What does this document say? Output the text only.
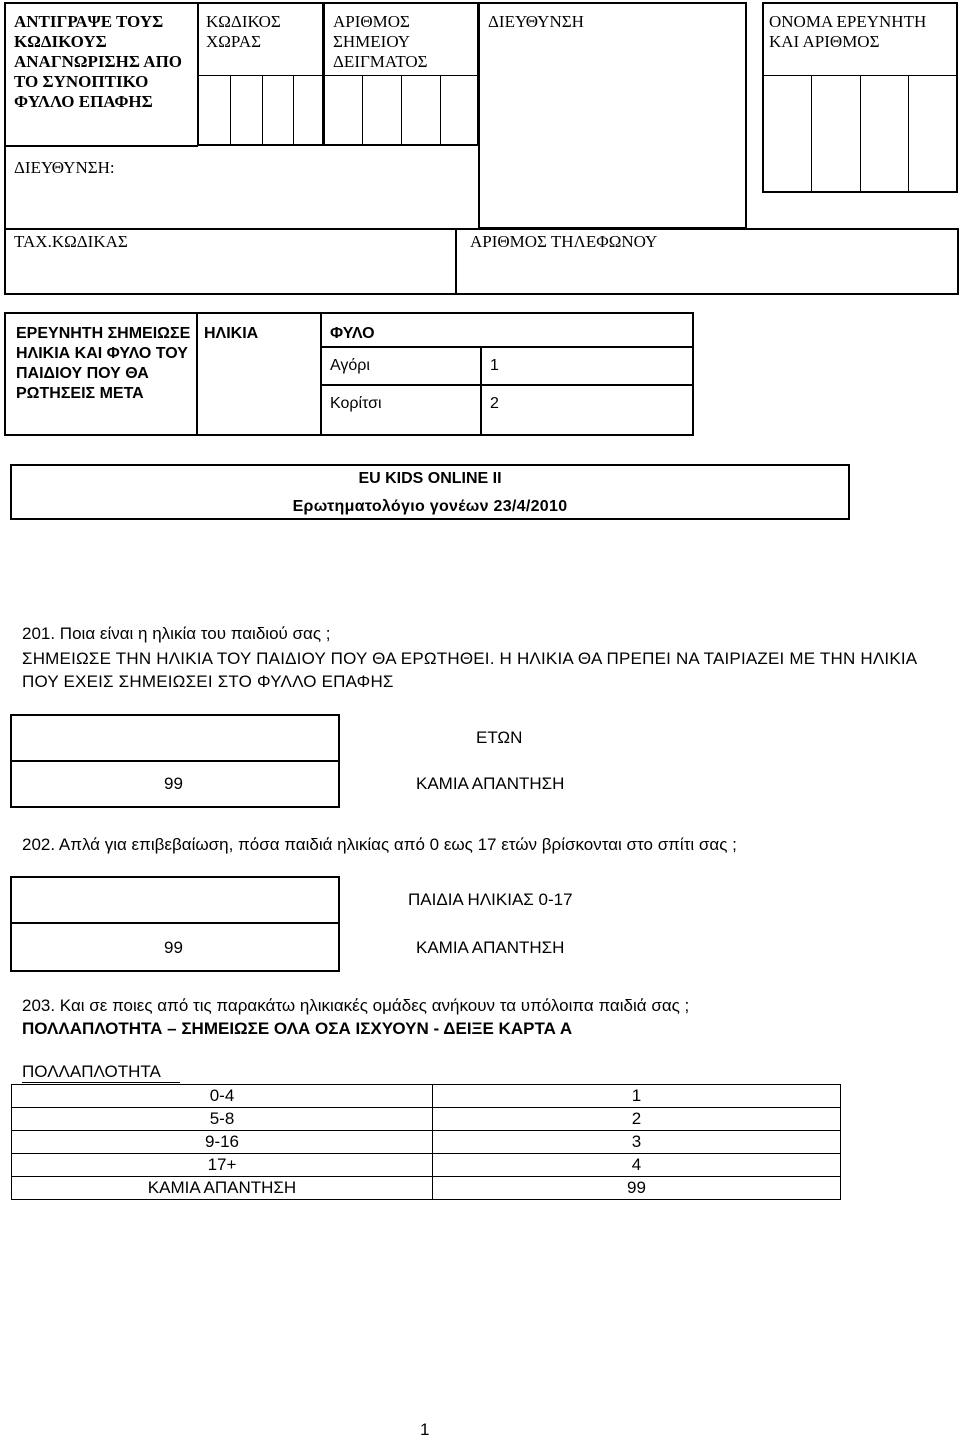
ΑΝΤΙΓΡΑΨΕ ΤΟΥΣ ΚΩΔΙΚΟΥΣ ΑΝΑΓΝΩΡΙΣΗΣ ΑΠΟ ΤΟ ΣΥΝΟΠΤΙΚΟ ΦΥΛΛΟ ΕΠΑΦΗΣ
ΚΩΔΙΚΟΣ ΧΩΡΑΣ
ΑΡΙΘΜΟΣ ΣΗΜΕΙΟΥ ΔΕΙΓΜΑΤΟΣ
ΔΙΕΥΘΥΝΣΗ	ΟΝΟΜΑ ΕΡΕΥΝΗΤΗ ΚΑΙ ΑΡΙΘΜΟΣ
ΔΙΕΥΘΥΝΣΗ:
ΤΑΧ.ΚΩΔΙΚΑΣ	ΑΡΙΘΜΟΣ ΤΗΛΕΦΩΝΟΥ
ΕΡΕΥΝΗΤΗ ΣΗΜΕΙΩΣΕ ΗΛΙΚΙΑ ΚΑΙ ΦΥΛΟ ΤΟΥ ΠΑΙΔΙΟΥ ΠΟΥ ΘΑ ΡΩΤΗΣΕΙΣ ΜΕΤΑ
ΗΛΙΚΙΑ	ΦΥΛΟ
Αγόρι	1
Κορίτσι	2
EU KIDS ONLINE II
Ερωτηματολόγιο γονέων 23/4/2010
201. Ποια είναι η ηλικία του παιδιού σας ;
ΣΗΜΕΙΩΣΕ ΤΗΝ ΗΛΙΚΙΑ ΤΟΥ ΠΑΙΔΙΟΥ ΠΟΥ ΘΑ ΕΡΩΤΗΘΕΙ. Η ΗΛΙΚΙΑ ΘΑ ΠΡΕΠΕΙ ΝΑ ΤΑΙΡΙΑΖΕΙ ΜΕ ΤΗΝ ΗΛΙΚΙΑ ΠΟΥ ΕΧΕΙΣ ΣΗΜΕΙΩΣΕΙ ΣΤΟ ΦΥΛΛΟ ΕΠΑΦΗΣ
ΕΤΩΝ
99	ΚΑΜΙΑ ΑΠΑΝΤΗΣΗ
202. Απλά για επιβεβαίωση, πόσα παιδιά ηλικίας από 0 εως 17 ετών βρίσκονται στο σπίτι σας ;
ΠΑΙΔΙΑ ΗΛΙΚΙΑΣ 0-17
99	ΚΑΜΙΑ ΑΠΑΝΤΗΣΗ
203. Και σε ποιες από τις παρακάτω ηλικιακές ομάδες ανήκουν τα υπόλοιπα παιδιά σας ;
ΠΟΛΛΑΠΛΟΤΗΤΑ – ΣΗΜΕΙΩΣΕ ΟΛΑ ΟΣΑ ΙΣΧΥΟΥΝ - ΔΕΙΞΕ ΚΑΡΤΑ Α
ΠΟΛΛΑΠΛΟΤΗΤΑ
0-4	1
5-8	2
9-16	3
17+	4
ΚΑΜΙΑ ΑΠΑΝΤΗΣΗ	99
1
